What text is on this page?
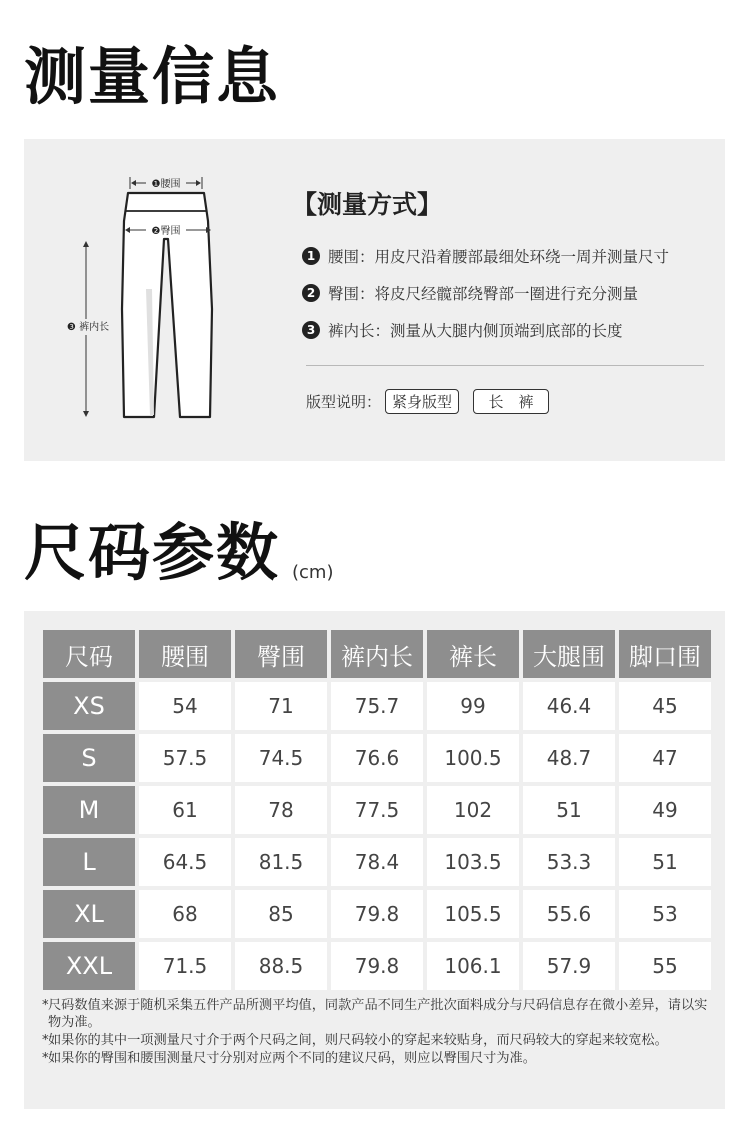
测量信息
❶腰围
❷臀围
❸ 裤内长
【测量方式】
1 腰围：用皮尺沿着腰部最细处环绕一周并测量尺寸
2 臀围：将皮尺经髋部绕臀部一圈进行充分测量
3 裤内长：测量从大腿内侧顶端到底部的长度
版型说明： 紧身版型	长　裤
尺码参数 (cm)
尺码	腰围	臀围	裤内长	裤长	大腿围	脚口围
XS	54	71	75.7	99	46.4	45
S	57.5	74.5	76.6	100.5	48.7	47
M	61	78	77.5	102	51	49
L	64.5	81.5	78.4	103.5	53.3	51
XL	68	85	79.8	105.5	55.6	53
XXL	71.5	88.5	79.8	106.1	57.9	55
* 尺码数值来源于随机采集五件产品所测平均值，同款产品不同生产批次面料成分与尺码信息存在微小差异，请以实物为准。
* 如果你的其中一项测量尺寸介于两个尺码之间，则尺码较小的穿起来较贴身，而尺码较大的穿起来较宽松。
* 如果你的臀围和腰围测量尺寸分别对应两个不同的建议尺码，则应以臀围尺寸为准。
